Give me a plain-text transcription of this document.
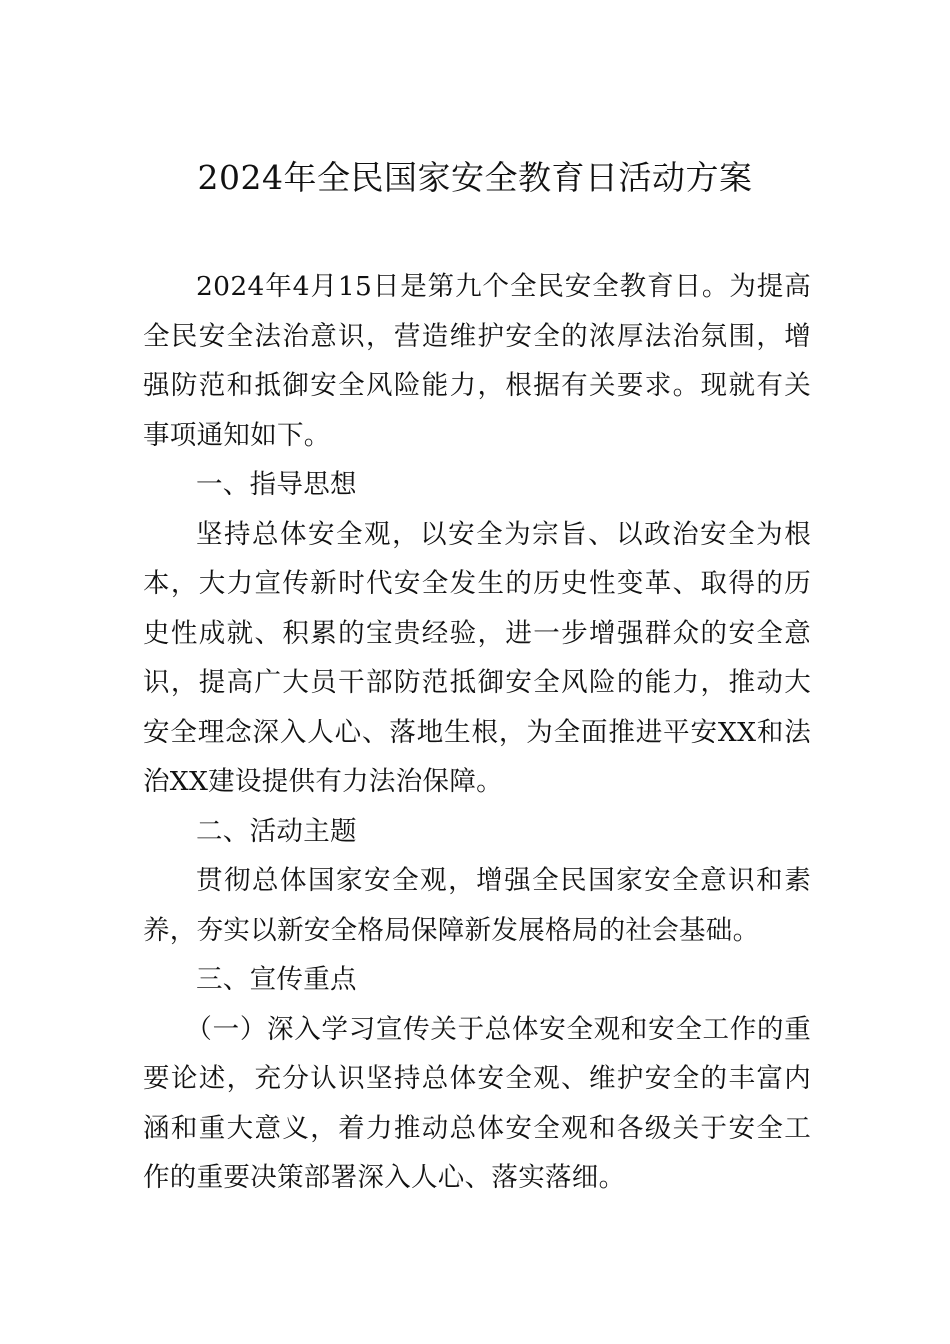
2024年全民国家安全教育日活动方案

2024年4月15日是第九个全民安全教育日。为提高全民安全法治意识，营造维护安全的浓厚法治氛围，增强防范和抵御安全风险能力，根据有关要求。现就有关事项通知如下。

一、指导思想

坚持总体安全观，以安全为宗旨、以政治安全为根本，大力宣传新时代安全发生的历史性变革、取得的历史性成就、积累的宝贵经验，进一步增强群众的安全意识，提高广大员干部防范抵御安全风险的能力，推动大安全理念深入人心、落地生根，为全面推进平安XX和法治XX建设提供有力法治保障。

二、活动主题

贯彻总体国家安全观，增强全民国家安全意识和素养，夯实以新安全格局保障新发展格局的社会基础。

三、宣传重点

（一）深入学习宣传关于总体安全观和安全工作的重要论述，充分认识坚持总体安全观、维护安全的丰富内涵和重大意义，着力推动总体安全观和各级关于安全工作的重要决策部署深入人心、落实落细。
